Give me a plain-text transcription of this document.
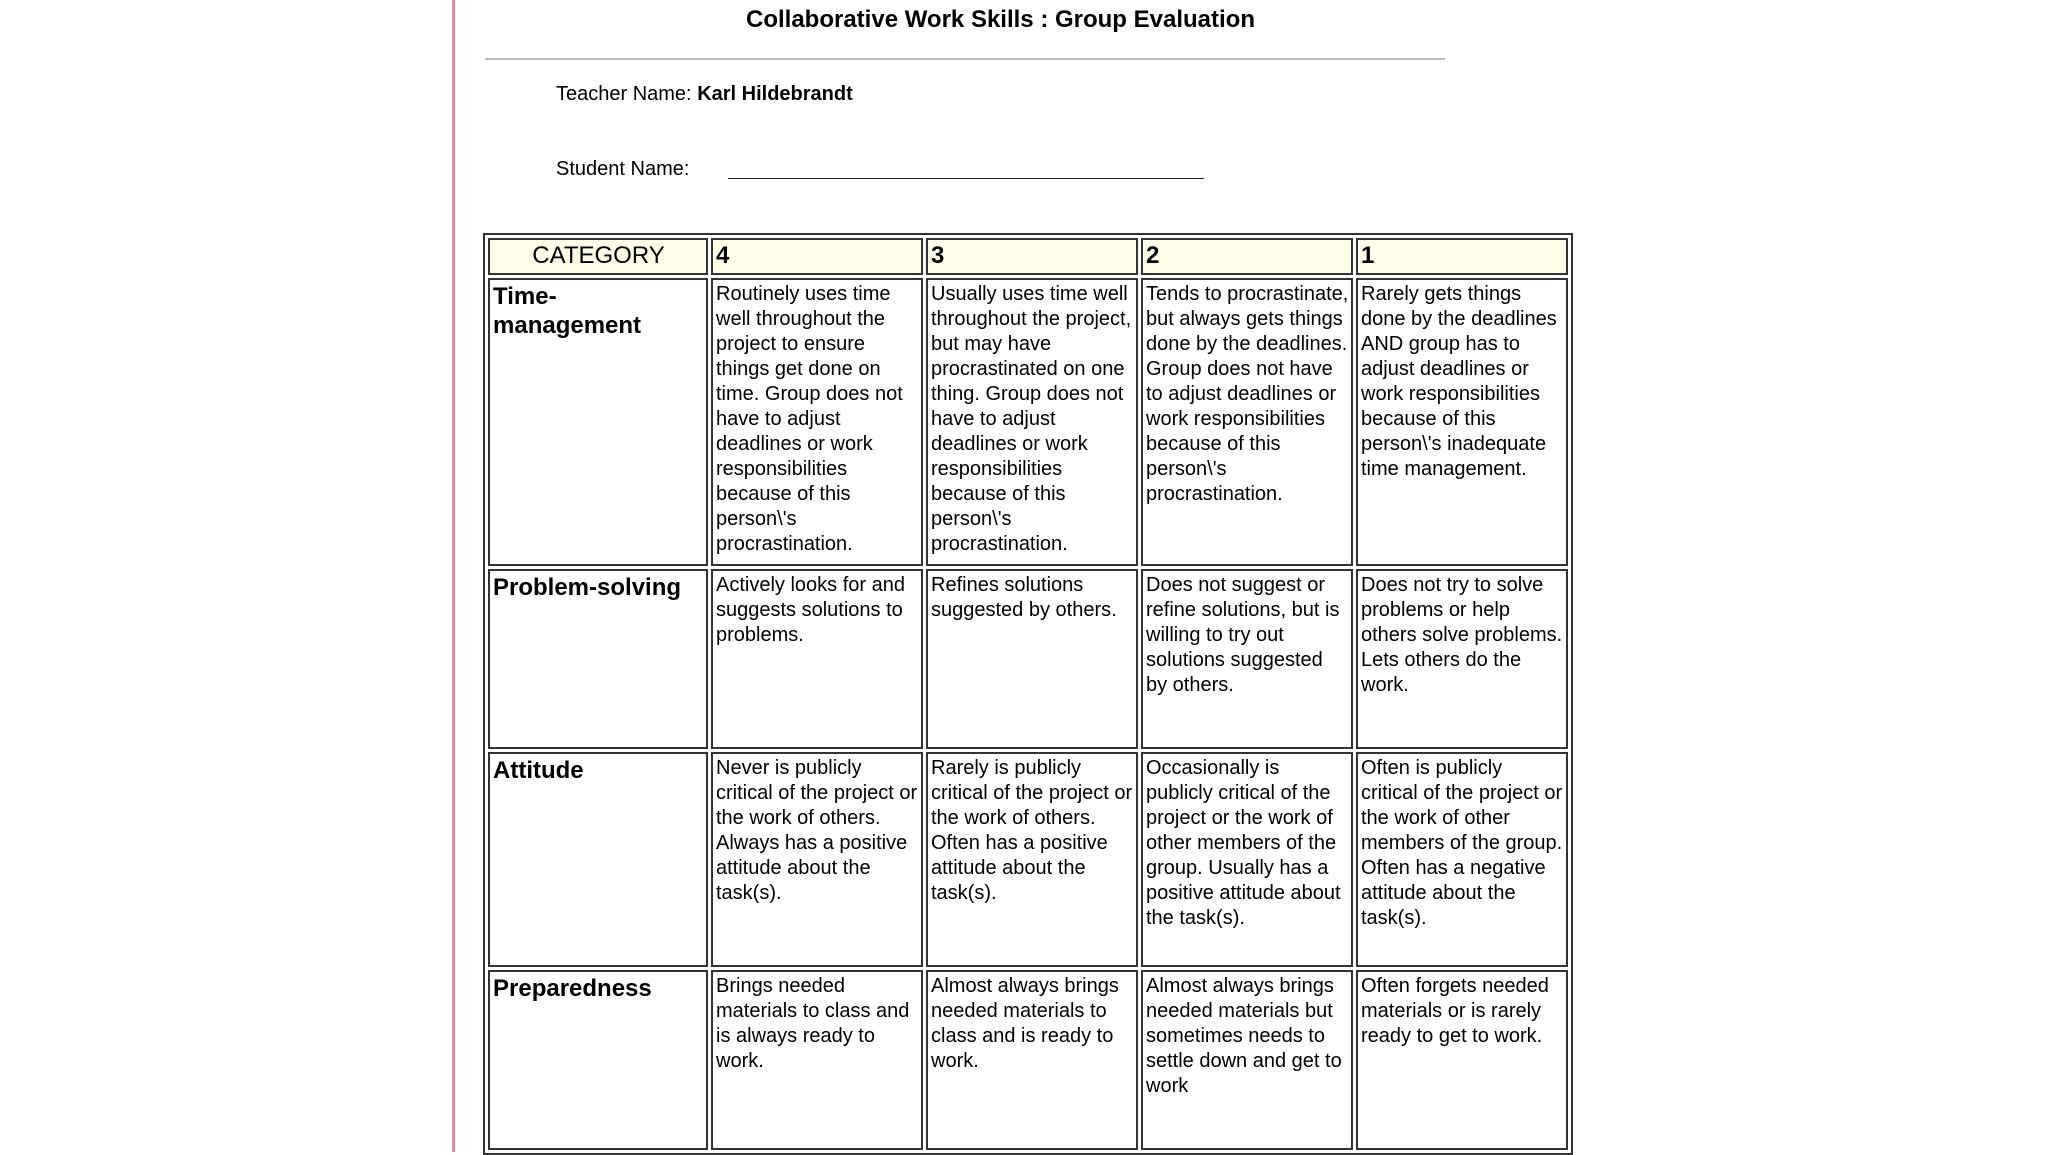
Collaborative Work Skills : Group Evaluation
Teacher Name: Karl Hildebrandt
Student Name:
CATEGORY	4	3	2	1
Time-management	Routinely uses time well throughout the project to ensure things get done on time. Group does not have to adjust deadlines or work responsibilities because of this person\'s procrastination.	Usually uses time well throughout the project, but may have procrastinated on one thing. Group does not have to adjust deadlines or work responsibilities because of this person\'s procrastination.	Tends to procrastinate, but always gets things done by the deadlines. Group does not have to adjust deadlines or work responsibilities because of this person\'s procrastination.	Rarely gets things done by the deadlines AND group has to adjust deadlines or work responsibilities because of this person\'s inadequate time management.
Problem-solving	Actively looks for and suggests solutions to problems.	Refines solutions suggested by others.	Does not suggest or refine solutions, but is willing to try out solutions suggested by others.	Does not try to solve problems or help others solve problems. Lets others do the work.
Attitude	Never is publicly critical of the project or the work of others. Always has a positive attitude about the task(s).	Rarely is publicly critical of the project or the work of others. Often has a positive attitude about the task(s).	Occasionally is publicly critical of the project or the work of other members of the group. Usually has a positive attitude about the task(s).	Often is publicly critical of the project or the work of other members of the group. Often has a negative attitude about the task(s).
Preparedness	Brings needed materials to class and is always ready to work.	Almost always brings needed materials to class and is ready to work.	Almost always brings needed materials but sometimes needs to settle down and get to work	Often forgets needed materials or is rarely ready to get to work.
